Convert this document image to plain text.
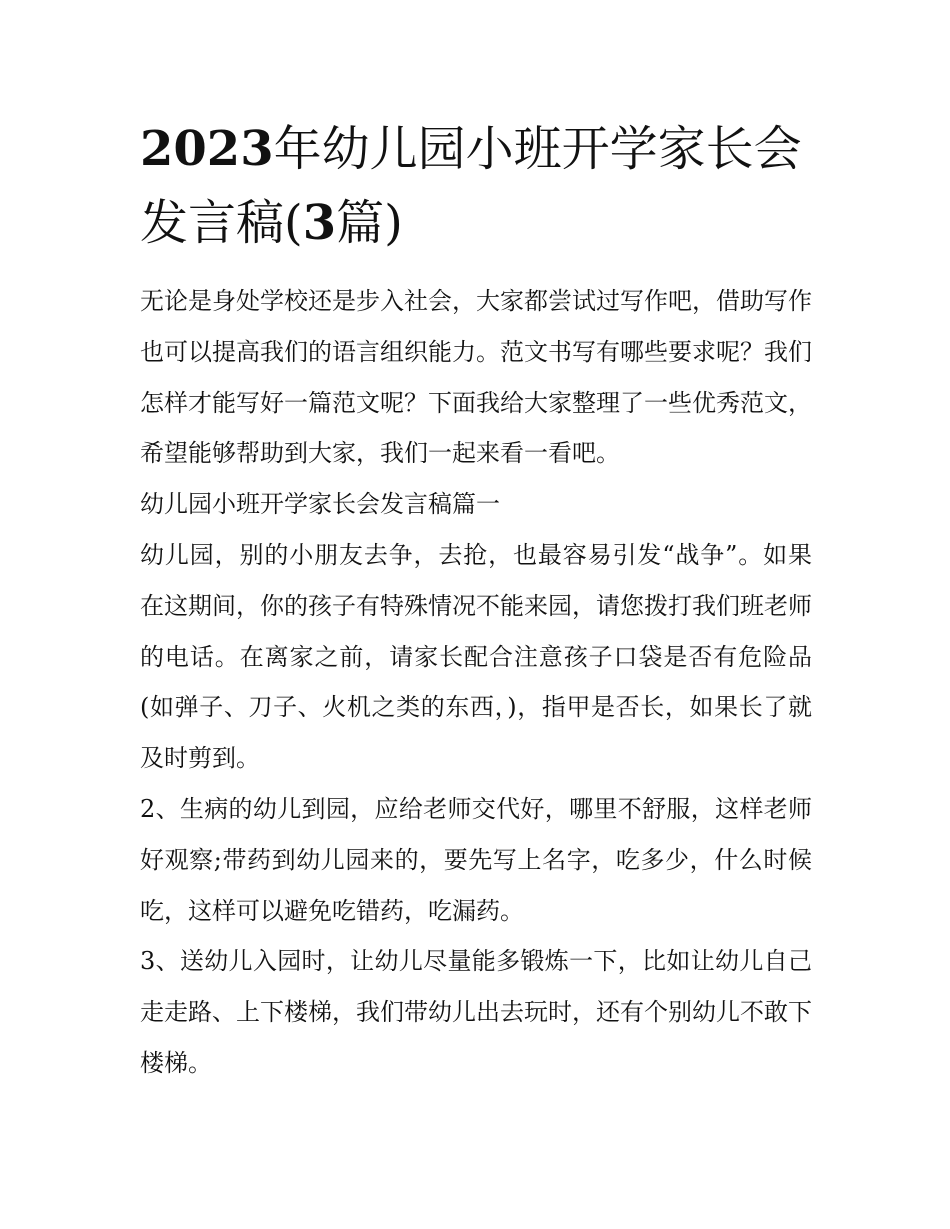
2023年幼儿园小班开学家长会
发言稿(3篇)

无论是身处学校还是步入社会，大家都尝试过写作吧，借助写作也可以提高我们的语言组织能力。范文书写有哪些要求呢？我们怎样才能写好一篇范文呢？下面我给大家整理了一些优秀范文，希望能够帮助到大家，我们一起来看一看吧。

幼儿园小班开学家长会发言稿篇一

幼儿园，别的小朋友去争，去抢，也最容易引发“战争”。如果在这期间，你的孩子有特殊情况不能来园，请您拨打我们班老师的电话。在离家之前，请家长配合注意孩子口袋是否有危险品(如弹子、刀子、火机之类的东西，)，指甲是否长，如果长了就及时剪到。

2、生病的幼儿到园，应给老师交代好，哪里不舒服，这样老师好观察;带药到幼儿园来的，要先写上名字，吃多少，什么时候吃，这样可以避免吃错药，吃漏药。

3、送幼儿入园时，让幼儿尽量能多锻炼一下，比如让幼儿自己走走路、上下楼梯，我们带幼儿出去玩时，还有个别幼儿不敢下楼梯。
